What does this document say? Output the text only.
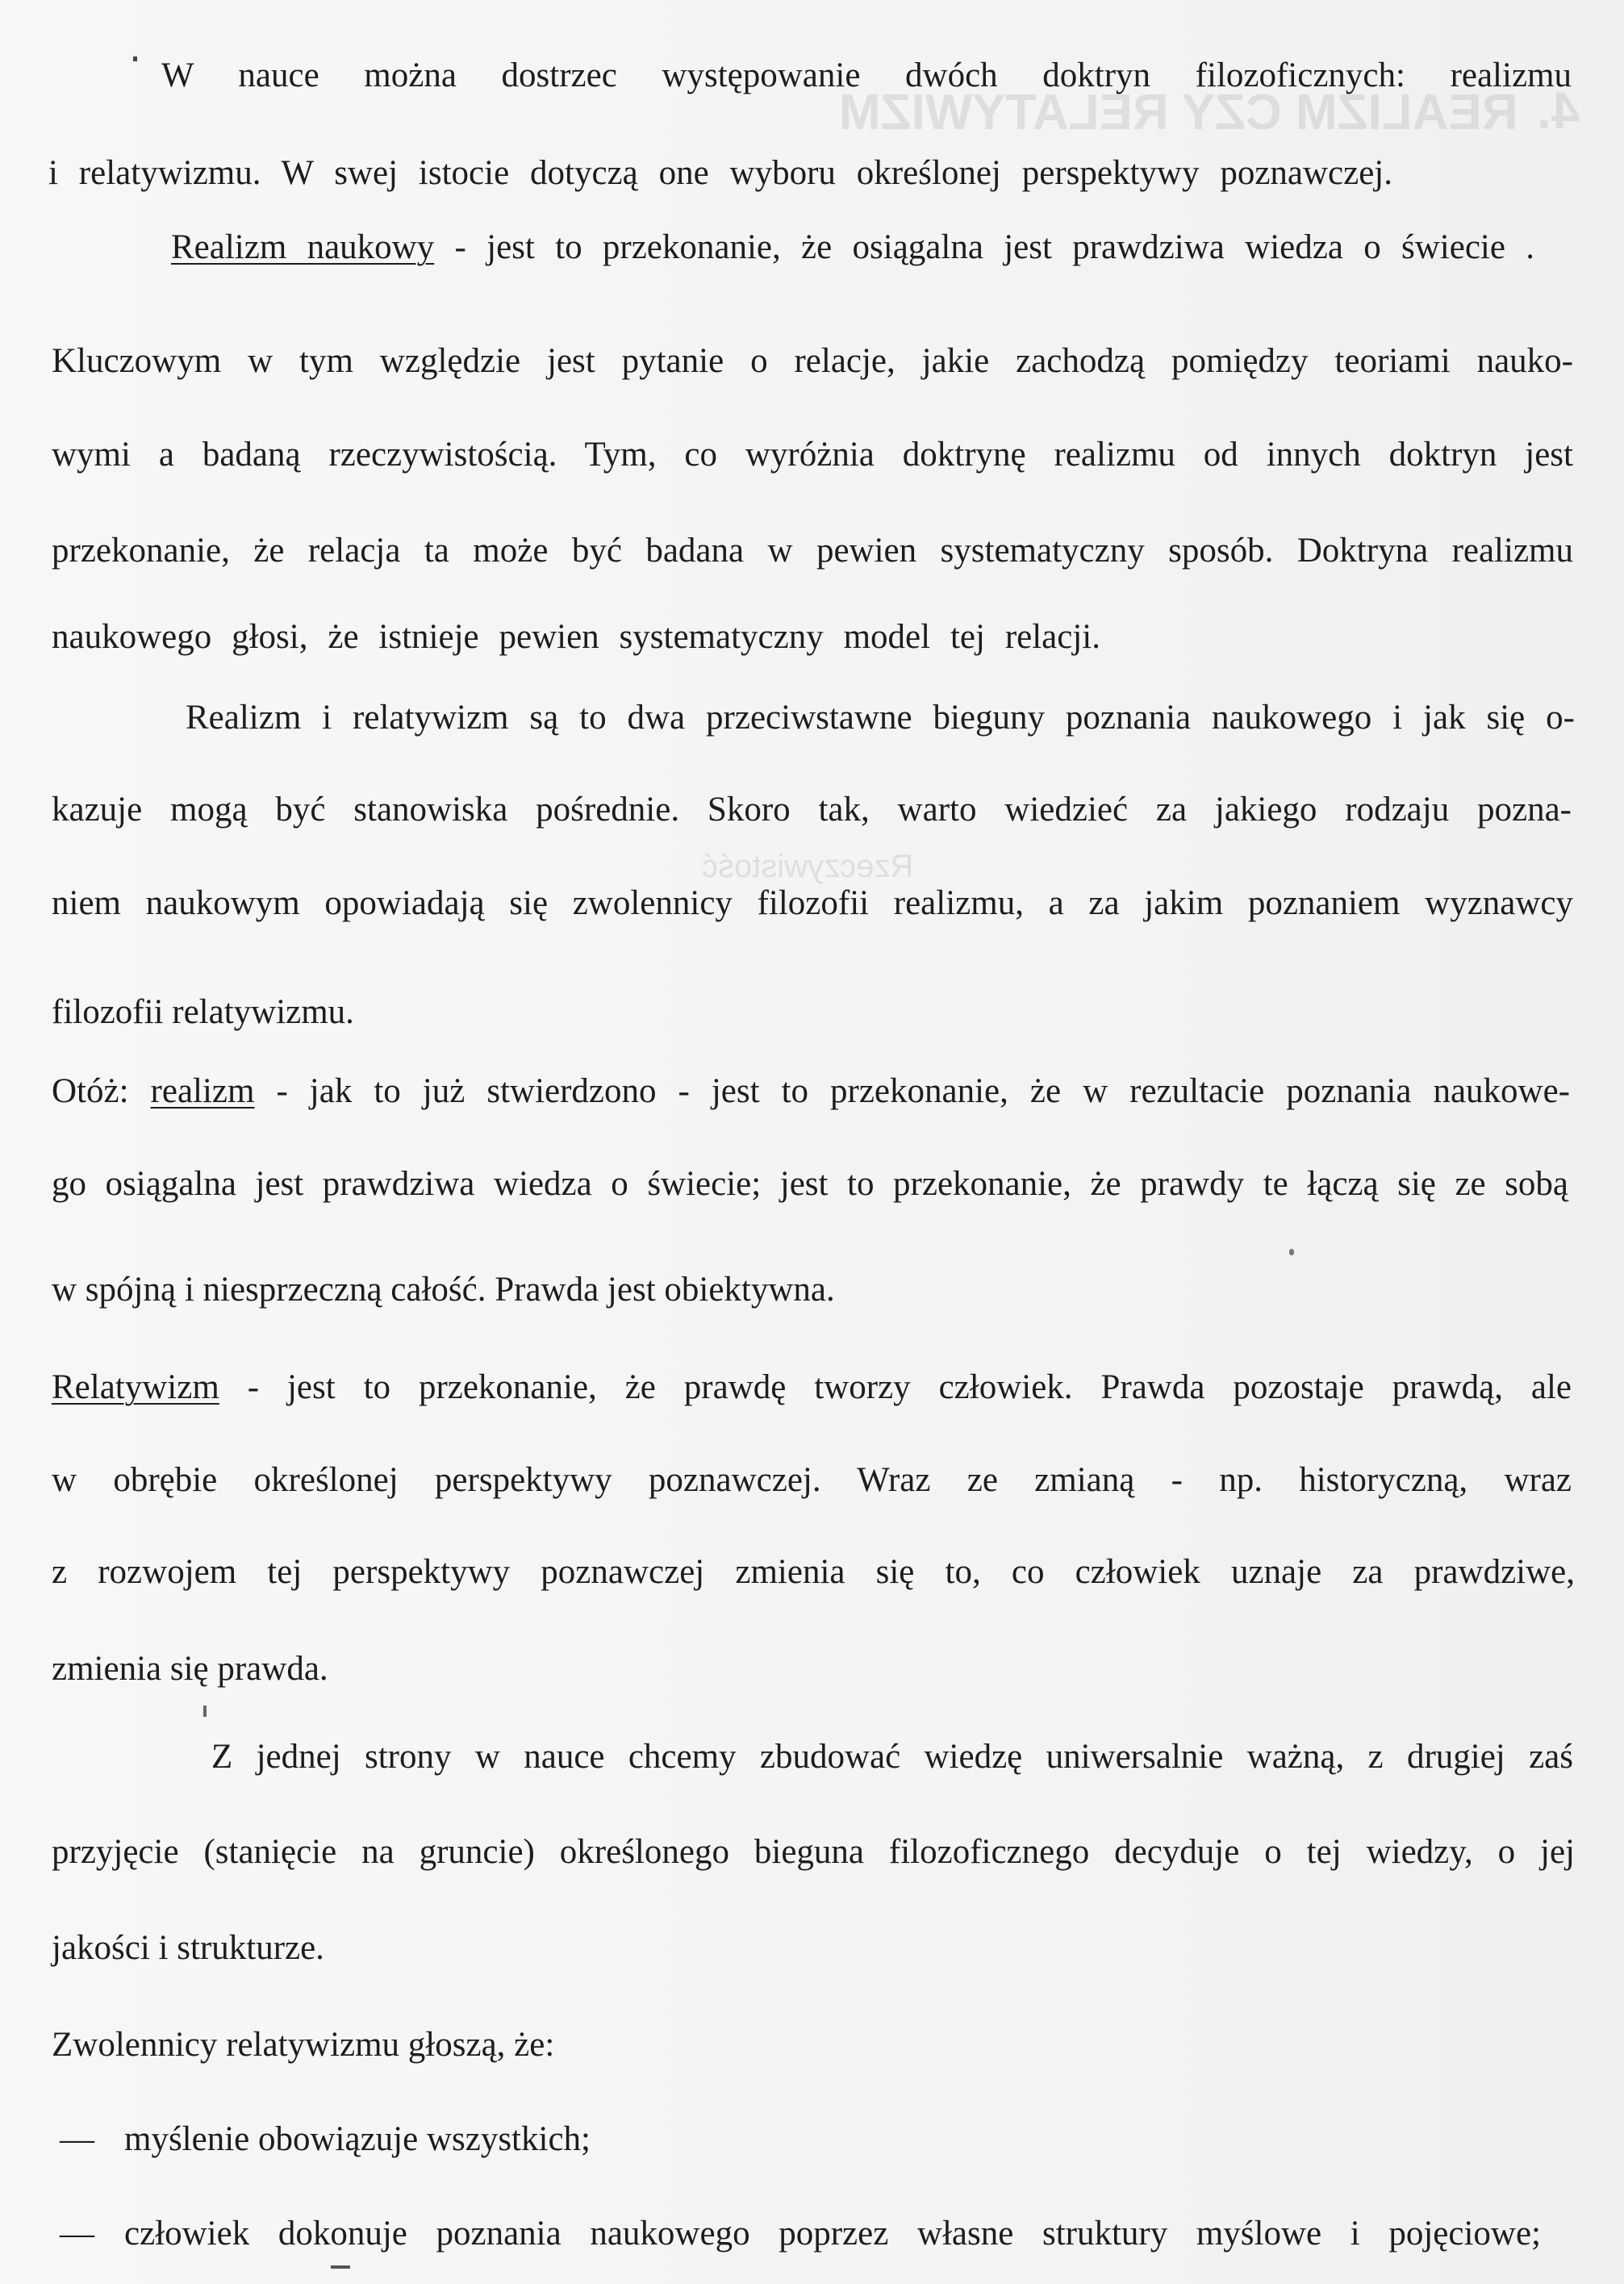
4.
REALIZM CZY RELATYWIZM
Rzeczywistość
W nauce można dostrzec występowanie dwóch doktryn filozoficznych: realizmu
i relatywizmu. W swej istocie dotyczą one wyboru określonej perspektywy poznawczej.
Realizm naukowy - jest to przekonanie, że osiągalna jest prawdziwa wiedza o świecie .
Kluczowym w tym względzie jest pytanie o relacje, jakie zachodzą pomiędzy teoriami nauko-
wymi a badaną rzeczywistością. Tym, co wyróżnia doktrynę realizmu od innych doktryn jest
przekonanie, że relacja ta może być badana w pewien systematyczny sposób. Doktryna realizmu
naukowego głosi, że istnieje pewien systematyczny model tej relacji.
Realizm i relatywizm są to dwa przeciwstawne bieguny poznania naukowego i jak się o-
kazuje mogą być stanowiska pośrednie. Skoro tak, warto wiedzieć za jakiego rodzaju pozna-
niem naukowym opowiadają się zwolennicy filozofii realizmu, a za jakim poznaniem wyznawcy
filozofii relatywizmu.
Otóż: realizm - jak to już stwierdzono - jest to przekonanie, że w rezultacie poznania naukowe-
go osiągalna jest prawdziwa wiedza o świecie; jest to przekonanie, że prawdy te łączą się ze sobą
w spójną i niesprzeczną całość. Prawda jest obiektywna.
Relatywizm - jest to przekonanie, że prawdę tworzy człowiek. Prawda pozostaje prawdą, ale
w obrębie określonej perspektywy poznawczej. Wraz ze zmianą - np. historyczną, wraz
z rozwojem tej perspektywy poznawczej zmienia się to, co człowiek uznaje za prawdziwe,
zmienia się prawda.
Z jednej strony w nauce chcemy zbudować wiedzę uniwersalnie ważną, z drugiej zaś
przyjęcie (stanięcie na gruncie) określonego bieguna filozoficznego decyduje o tej wiedzy, o jej
jakości i strukturze.
Zwolennicy relatywizmu głoszą, że:
— myślenie obowiązuje wszystkich;
— człowiek dokonuje poznania naukowego poprzez własne struktury myślowe i pojęciowe;
